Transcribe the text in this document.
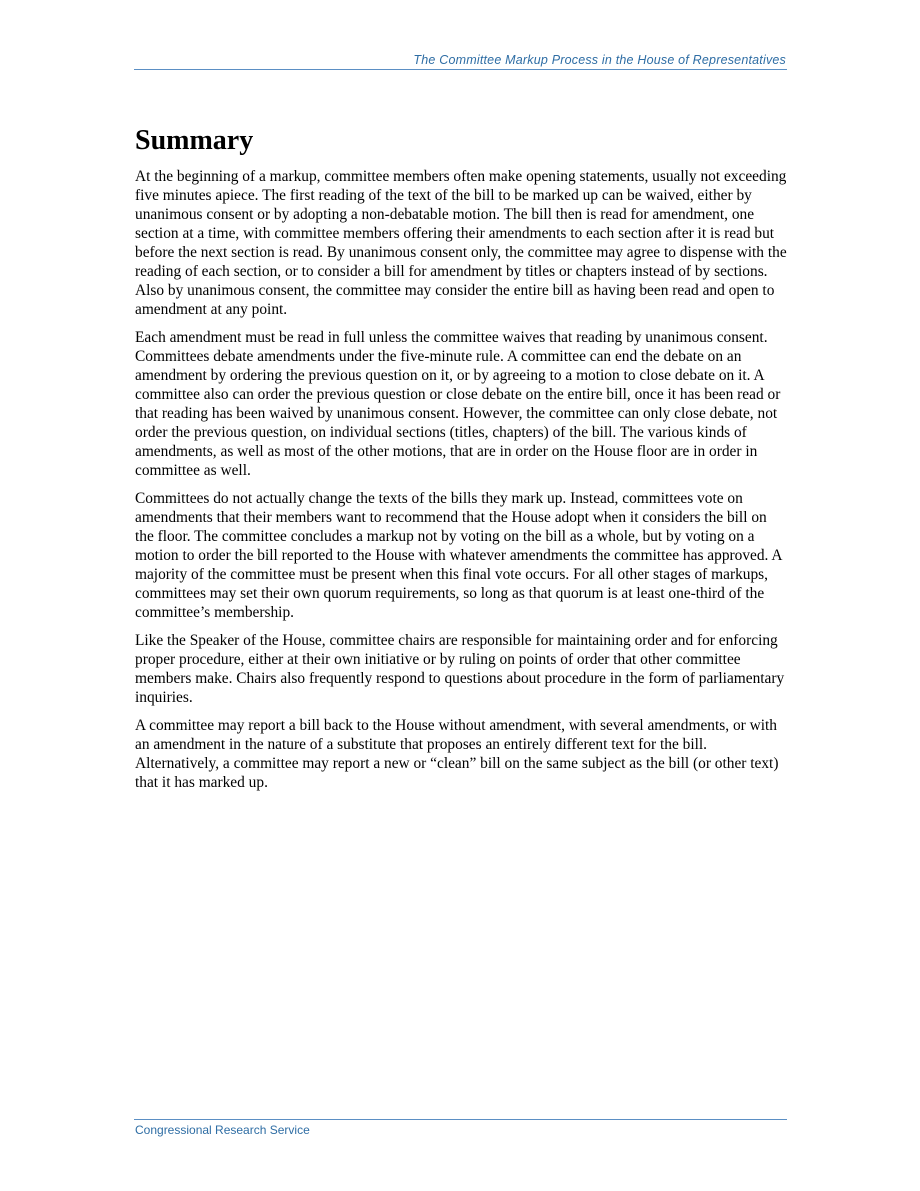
The Committee Markup Process in the House of Representatives
Summary

At the beginning of a markup, committee members often make opening statements, usually not exceeding five minutes apiece. The first reading of the text of the bill to be marked up can be waived, either by unanimous consent or by adopting a non-debatable motion. The bill then is read for amendment, one section at a time, with committee members offering their amendments to each section after it is read but before the next section is read. By unanimous consent only, the committee may agree to dispense with the reading of each section, or to consider a bill for amendment by titles or chapters instead of by sections. Also by unanimous consent, the committee may consider the entire bill as having been read and open to amendment at any point.

Each amendment must be read in full unless the committee waives that reading by unanimous consent. Committees debate amendments under the five-minute rule. A committee can end the debate on an amendment by ordering the previous question on it, or by agreeing to a motion to close debate on it. A committee also can order the previous question or close debate on the entire bill, once it has been read or that reading has been waived by unanimous consent. However, the committee can only close debate, not order the previous question, on individual sections (titles, chapters) of the bill. The various kinds of amendments, as well as most of the other motions, that are in order on the House floor are in order in committee as well.

Committees do not actually change the texts of the bills they mark up. Instead, committees vote on amendments that their members want to recommend that the House adopt when it considers the bill on the floor. The committee concludes a markup not by voting on the bill as a whole, but by voting on a motion to order the bill reported to the House with whatever amendments the committee has approved. A majority of the committee must be present when this final vote occurs. For all other stages of markups, committees may set their own quorum requirements, so long as that quorum is at least one-third of the committee’s membership.

Like the Speaker of the House, committee chairs are responsible for maintaining order and for enforcing proper procedure, either at their own initiative or by ruling on points of order that other committee members make. Chairs also frequently respond to questions about procedure in the form of parliamentary inquiries.

A committee may report a bill back to the House without amendment, with several amendments, or with an amendment in the nature of a substitute that proposes an entirely different text for the bill. Alternatively, a committee may report a new or “clean” bill on the same subject as the bill (or other text) that it has marked up.

Congressional Research Service
